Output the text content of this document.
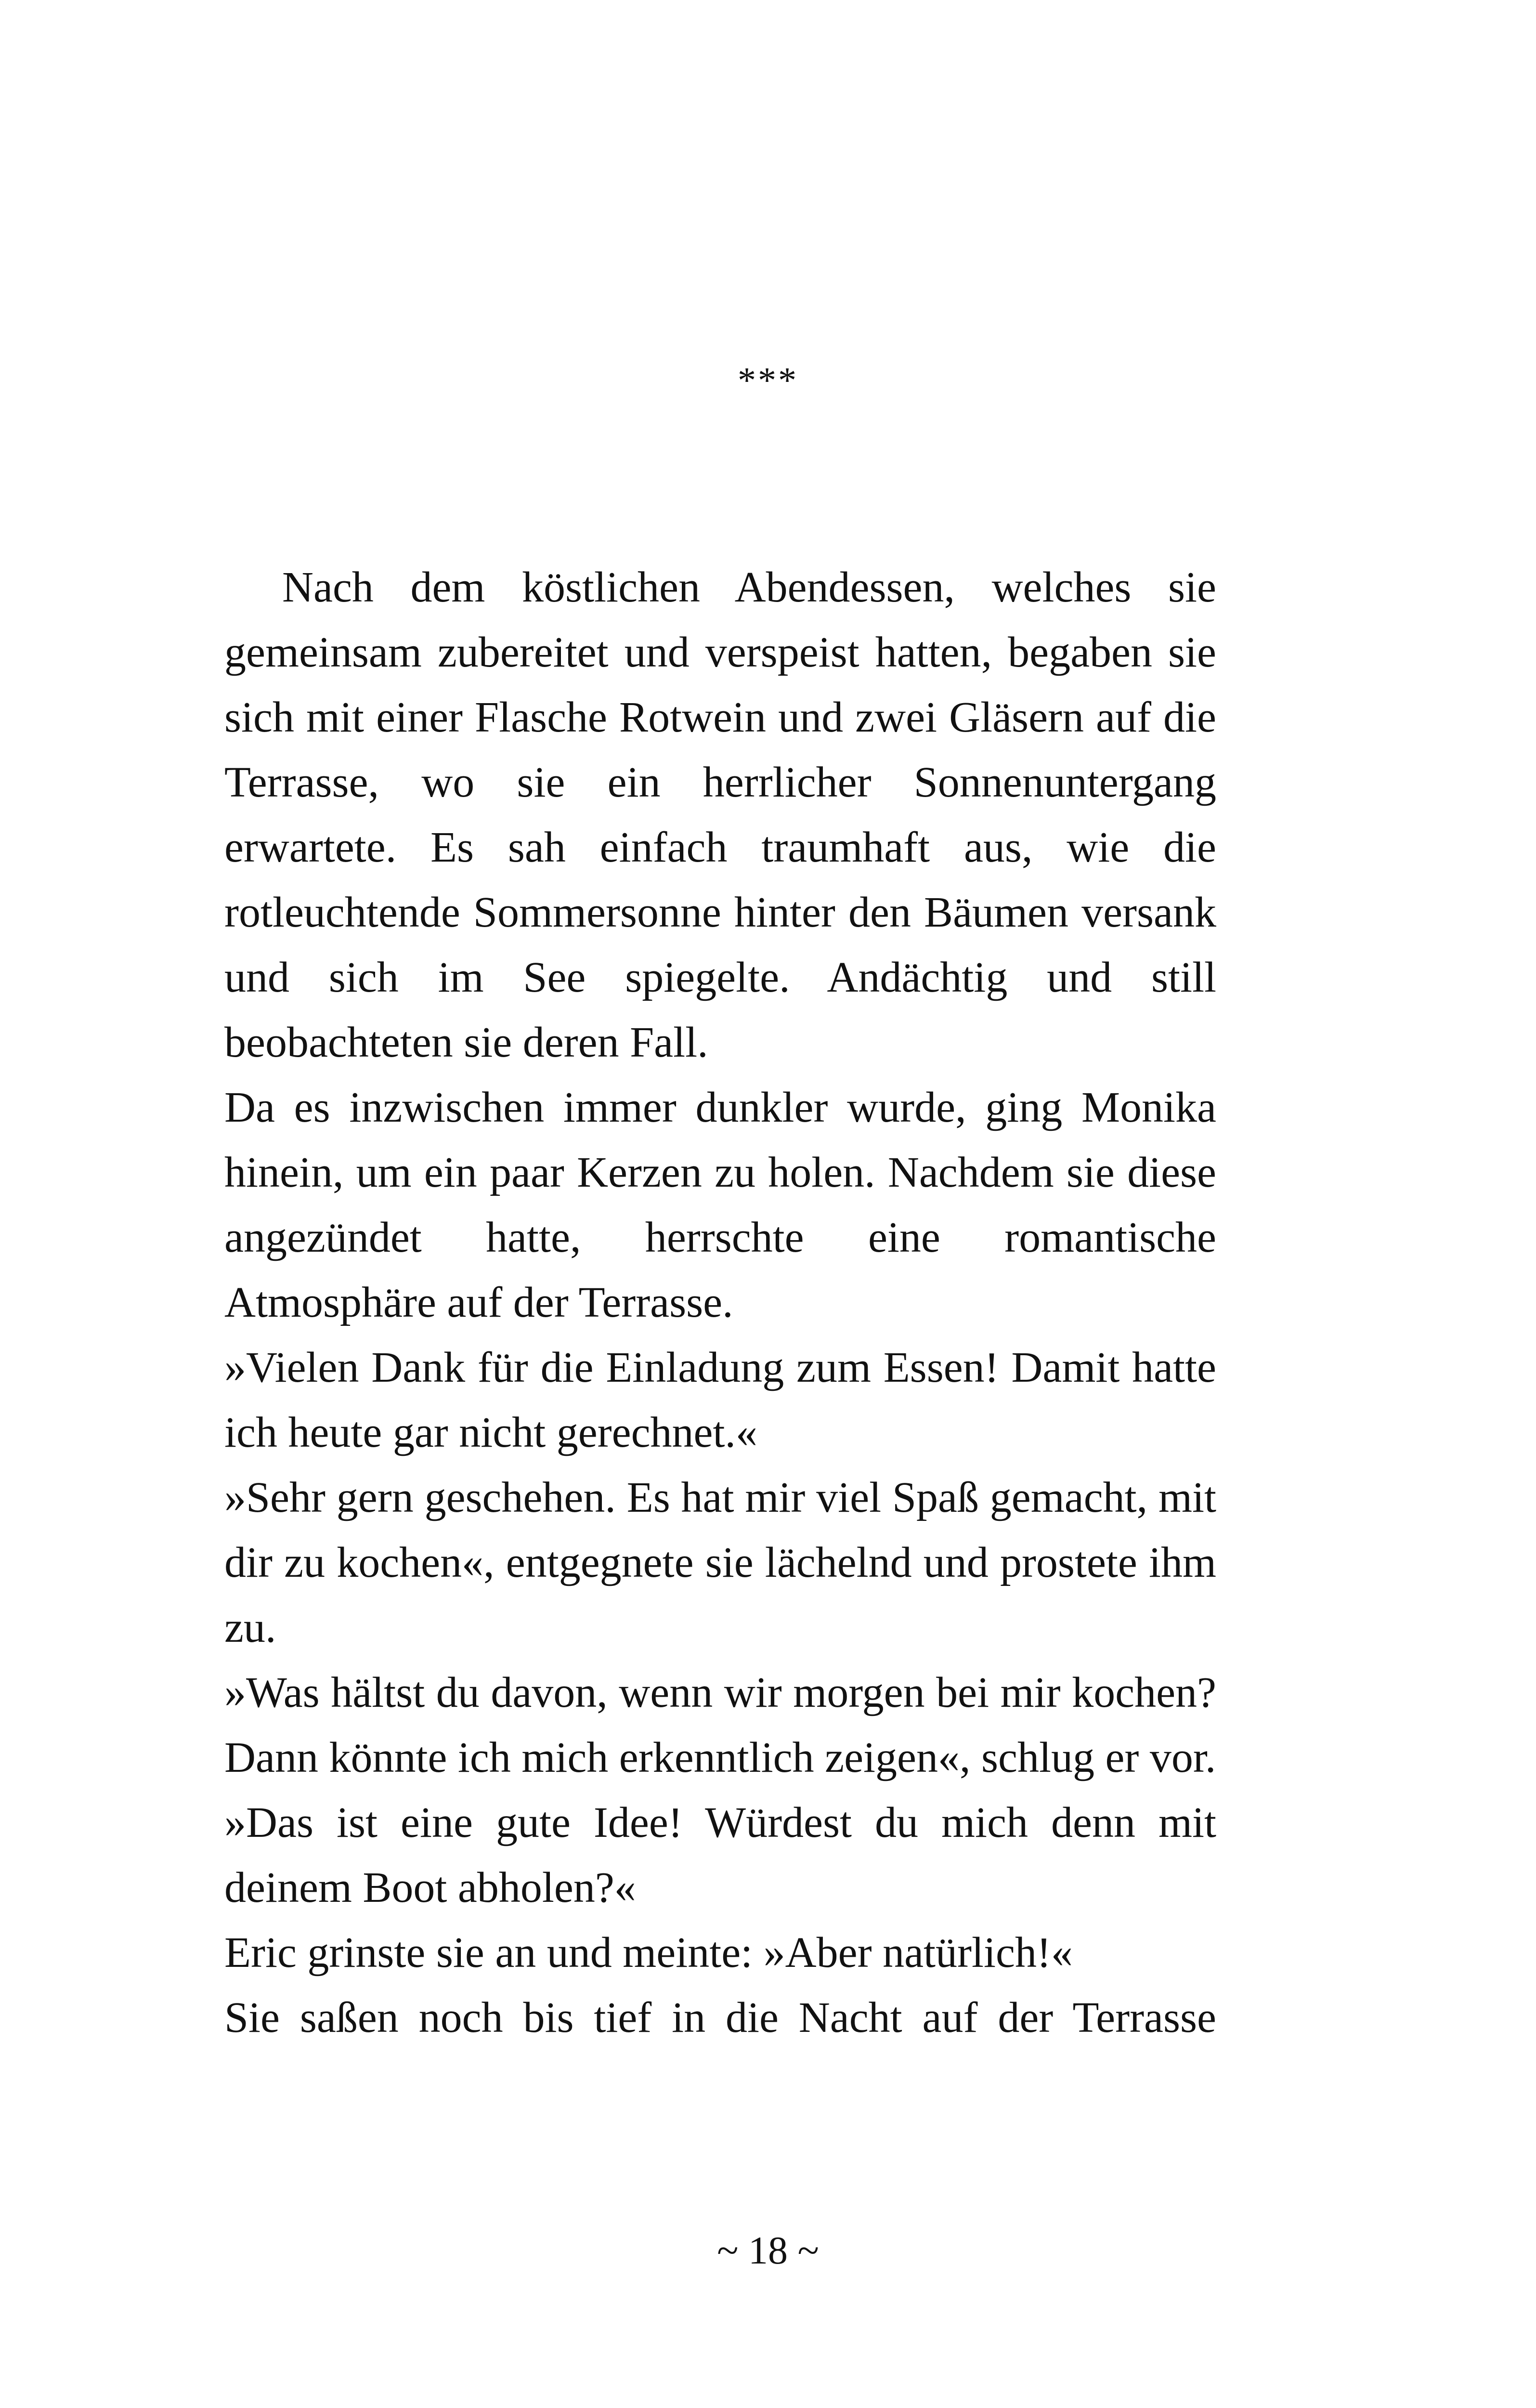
***

Nach dem köstlichen Abendessen, welches sie gemeinsam zubereitet und verspeist hatten, begaben sie sich mit einer Flasche Rotwein und zwei Gläsern auf die Terrasse, wo sie ein herrlicher Sonnenuntergang erwartete. Es sah einfach traumhaft aus, wie die rotleuchtende Sommersonne hinter den Bäumen versank und sich im See spiegelte. Andächtig und still beobachteten sie deren Fall.

Da es inzwischen immer dunkler wurde, ging Monika hinein, um ein paar Kerzen zu holen. Nachdem sie diese angezündet hatte, herrschte eine romantische Atmosphäre auf der Terrasse.

»Vielen Dank für die Einladung zum Essen! Damit hatte ich heute gar nicht gerechnet.«

»Sehr gern geschehen. Es hat mir viel Spaß gemacht, mit dir zu kochen«, entgegnete sie lächelnd und prostete ihm zu.

»Was hältst du davon, wenn wir morgen bei mir kochen? Dann könnte ich mich erkenntlich zeigen«, schlug er vor.

»Das ist eine gute Idee! Würdest du mich denn mit deinem Boot abholen?«

Eric grinste sie an und meinte: »Aber natürlich!«

Sie saßen noch bis tief in die Nacht auf der Terrasse

~ 18 ~
